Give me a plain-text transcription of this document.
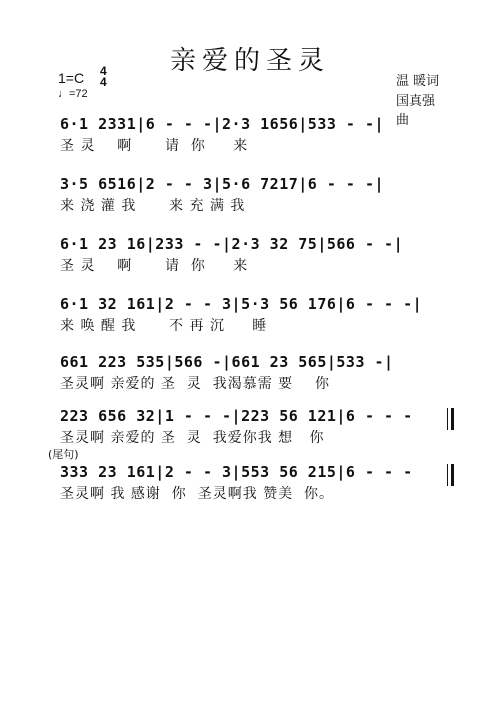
亲爱的圣灵
1=C 4
4
♩=72
温 暖词
国真强曲
6·1 2331|6 - - -|2·3 1656|533 - -|
圣 灵    啊      请  你     来
3·5 6516|2 - - 3|5·6 7217|6 - - -|
来 浇 灌 我      来 充 满 我
6·1 23 16|233 - -|2·3 32 75|566 - -|
圣 灵    啊      请  你     来
6·1 32 161|2 - - 3|5·3 56 176|6 - - -|
来 唤 醒 我      不 再 沉     睡
661 223 535|566 -|661 23 565|533 -|
圣灵啊 亲爱的 圣  灵  我渴慕需 要    你
223 656 32|1 - - -|223 56 121|6 - - -
圣灵啊 亲爱的 圣  灵  我爱你我 想   你
(尾句)
333 23 161|2 - - 3|553 56 215|6 - - -
圣灵啊 我 感谢  你  圣灵啊我 赞美  你。
